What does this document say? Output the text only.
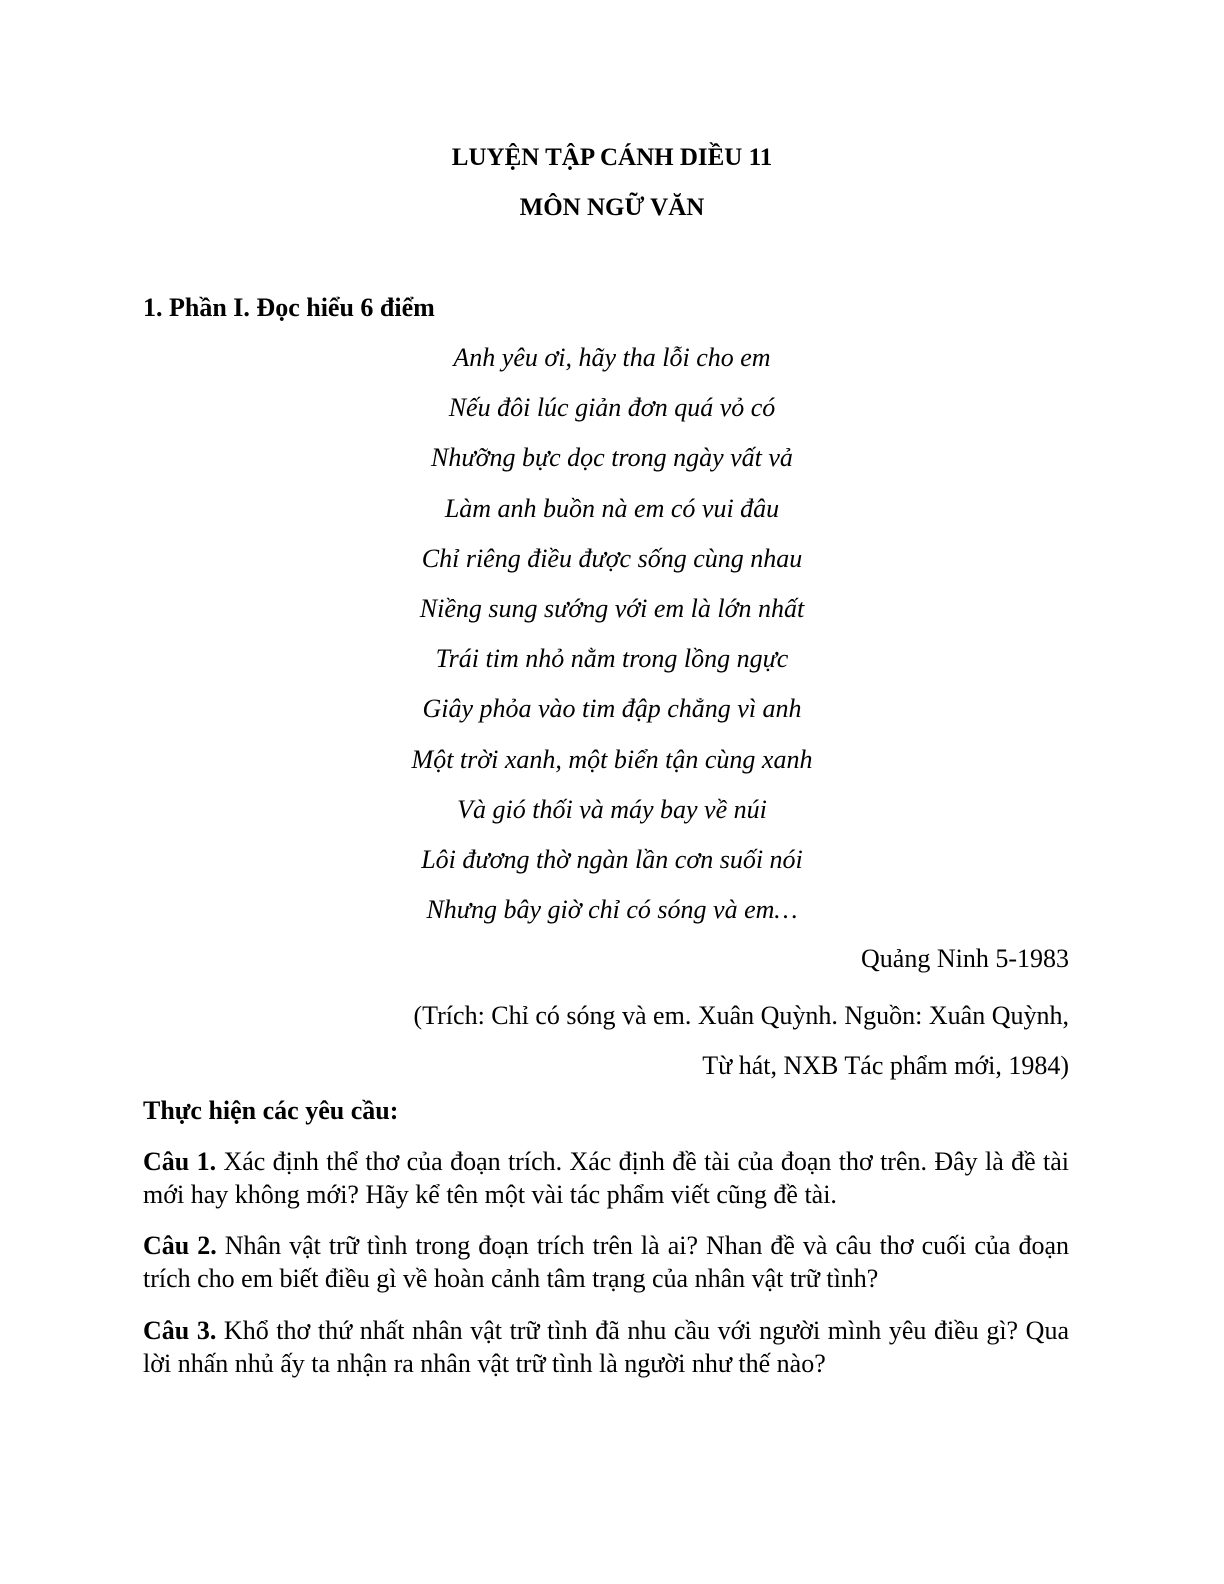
LUYỆN TẬP CÁNH DIỀU 11
MÔN NGỮ VĂN
1. Phần I. Đọc hiểu 6 điểm
Anh yêu ơi, hãy tha lỗi cho em
Nếu đôi lúc giản đơn quá vỏ có
Nhưỡng bực dọc trong ngày vất vả
Làm anh buồn nà em có vui đâu
Chỉ riêng điều được sống cùng nhau
Niềng sung sướng với em là lớn nhất
Trái tim nhỏ nằm trong lồng ngực
Giây phỏa vào tim đập chẳng vì anh
Một trời xanh, một biển tận cùng xanh
Và gió thối và máy bay về núi
Lôi đương thờ ngàn lần cơn suối nói
Nhưng bây giờ chỉ có sóng và em…
Quảng Ninh 5-1983
(Trích: Chỉ có sóng và em. Xuân Quỳnh. Nguồn: Xuân Quỳnh, Từ hát, NXB Tác phẩm mới, 1984)
Thực hiện các yêu cầu:
Câu 1. Xác định thể thơ của đoạn trích. Xác định đề tài của đoạn thơ trên. Đây là đề tài mới hay không mới? Hãy kể tên một vài tác phẩm viết cũng đề tài.
Câu 2. Nhân vật trữ tình trong đoạn trích trên là ai? Nhan đề và câu thơ cuối của đoạn trích cho em biết điều gì về hoàn cảnh tâm trạng của nhân vật trữ tình?
Câu 3. Khổ thơ thứ nhất nhân vật trữ tình đã nhu cầu với người mình yêu điều gì? Qua lời nhấn nhủ ấy ta nhận ra nhân vật trữ tình là người như thế nào?
